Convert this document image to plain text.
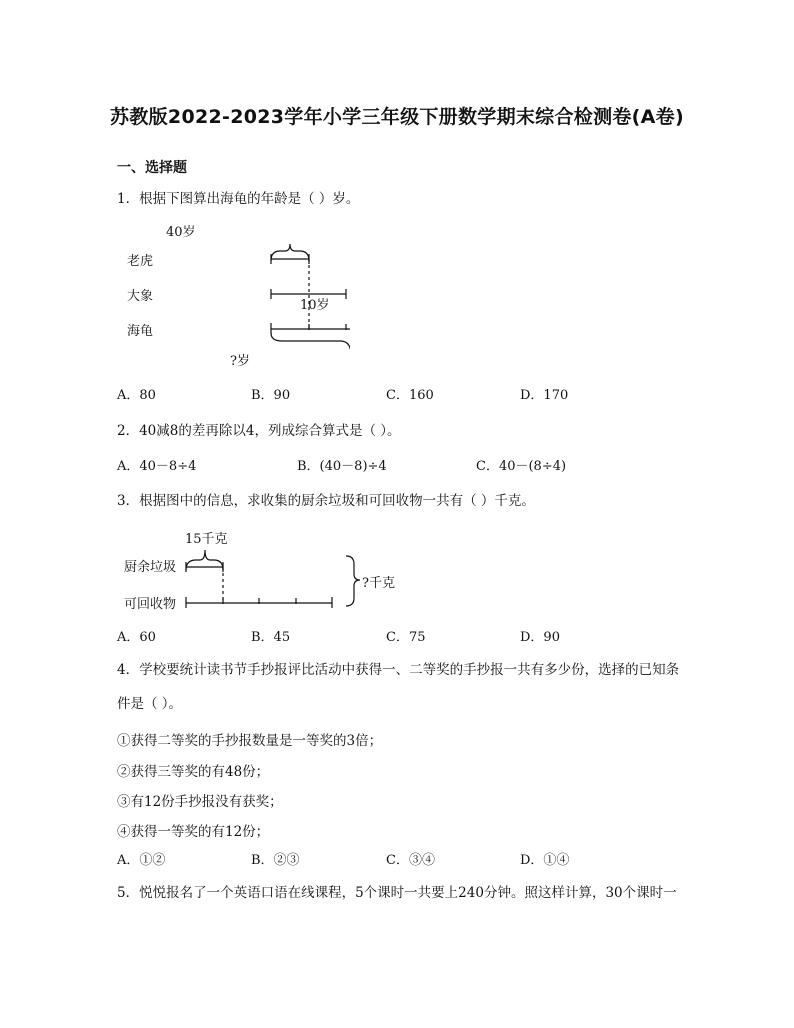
苏教版2022-2023学年小学三年级下册数学期末综合检测卷(A卷)
一、选择题
1．根据下图算出海龟的年龄是（ ）岁。
40岁
老虎
大象
海龟
10岁
?岁
A．80	B．90	C．160	D．170
2．40减8的差再除以4，列成综合算式是（ ）。
A．40－8÷4	B．(40－8)÷4	C．40－(8÷4)
3．根据图中的信息，求收集的厨余垃圾和可回收物一共有（ ）千克。
15千克
厨余垃圾
可回收物
?千克
A．60	B．45	C．75	D．90
4．学校要统计读书节手抄报评比活动中获得一、二等奖的手抄报一共有多少份，选择的已知条
件是（ ）。
①获得二等奖的手抄报数量是一等奖的3倍；
②获得三等奖的有48份；
③有12份手抄报没有获奖；
④获得一等奖的有12份；
A．①②	B．②③	C．③④	D．①④
5．悦悦报名了一个英语口语在线课程，5个课时一共要上240分钟。照这样计算，30个课时一
